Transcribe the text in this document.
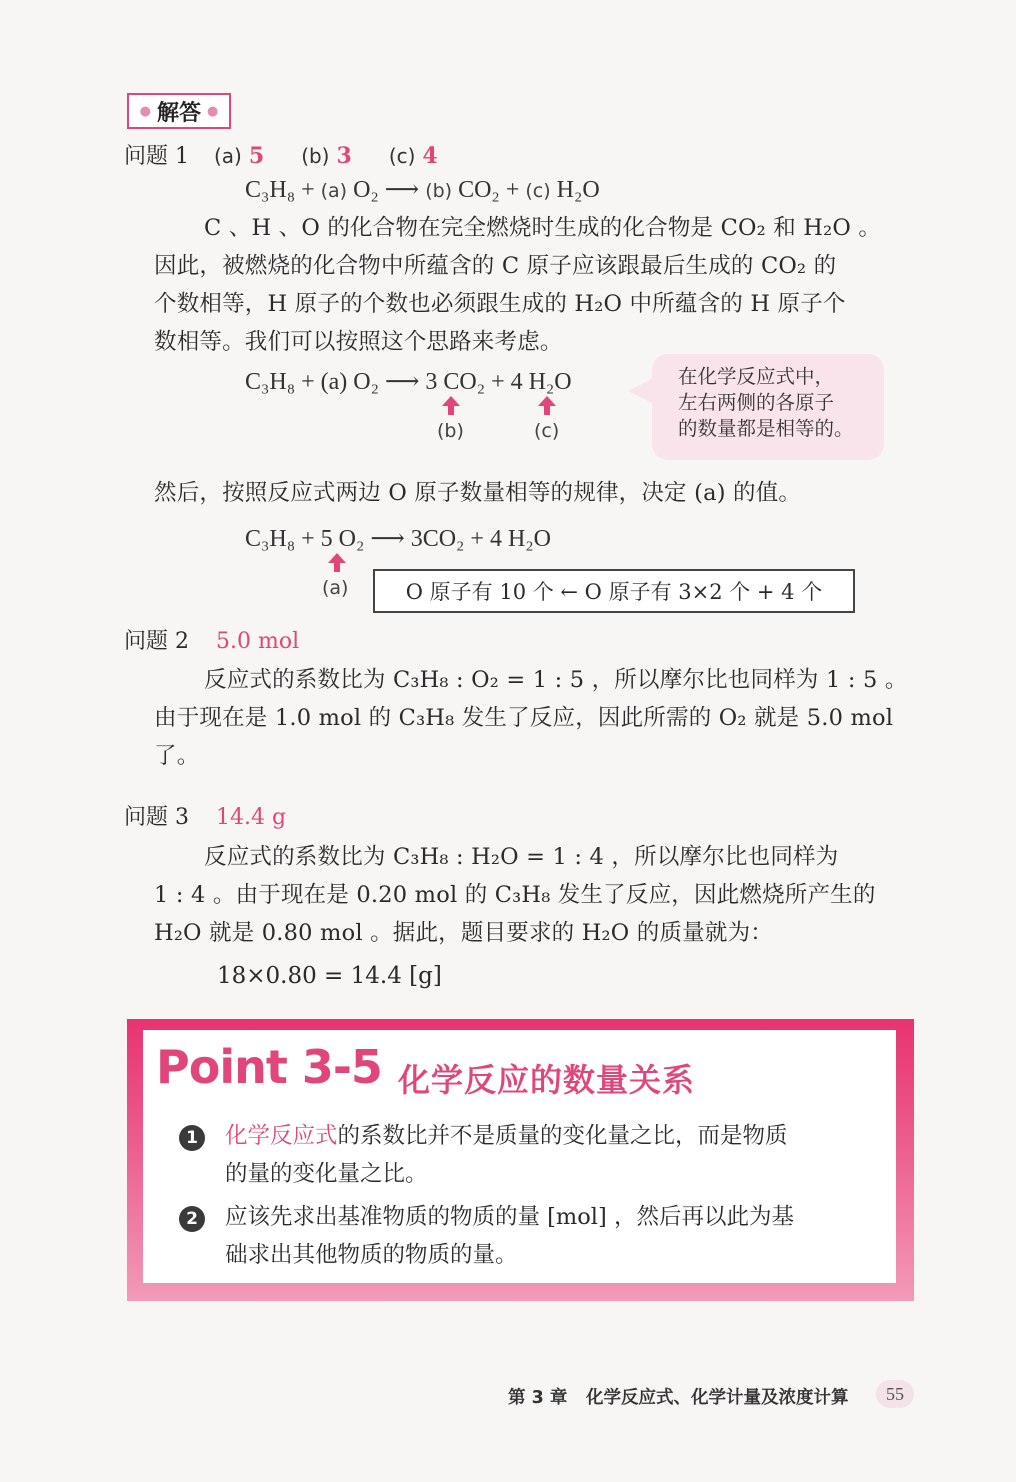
● 解答 ●
问题 1 (a) 5 (b) 3 (c) 4
C₃H₈ + (a) O₂ ⟶ (b) CO₂ + (c) H₂O
C 、H 、O 的化合物在完全燃烧时生成的化合物是 CO₂ 和 H₂O 。
因此，被燃烧的化合物中所蕴含的 C 原子应该跟最后生成的 CO₂ 的
个数相等，H 原子的个数也必须跟生成的 H₂O 中所蕴含的 H 原子个
数相等。我们可以按照这个思路来考虑。
C₃H₈ + (a) O₂ ⟶ 3 CO₂ + 4 H₂O
(b)	(c)
在化学反应式中，
左右两侧的各原子
的数量都是相等的。
然后，按照反应式两边 O 原子数量相等的规律，决定 (a) 的值。
C₃H₈ + 5 O₂ ⟶ 3CO₂ + 4 H₂O
(a)	O 原子有 10 个 ← O 原子有 3×2 个 + 4 个
问题 2 5.0 mol
反应式的系数比为 C₃H₈ : O₂ = 1 : 5 ，所以摩尔比也同样为 1 : 5 。
由于现在是 1.0 mol 的 C₃H₈ 发生了反应，因此所需的 O₂ 就是 5.0 mol
了。
问题 3 14.4 g
反应式的系数比为 C₃H₈ : H₂O = 1 : 4 ，所以摩尔比也同样为
1 : 4 。由于现在是 0.20 mol 的 C₃H₈ 发生了反应，因此燃烧所产生的
H₂O 就是 0.80 mol 。据此，题目要求的 H₂O 的质量就为：
18×0.80 = 14.4 [g]
Point 3-5 化学反应的数量关系
1	化学反应式的系数比并不是质量的变化量之比，而是物质
的量的变化量之比。
2	应该先求出基准物质的物质的量 [mol] ，然后再以此为基
础求出其他物质的物质的量。
第 3 章 化学反应式、化学计量及浓度计算	55
